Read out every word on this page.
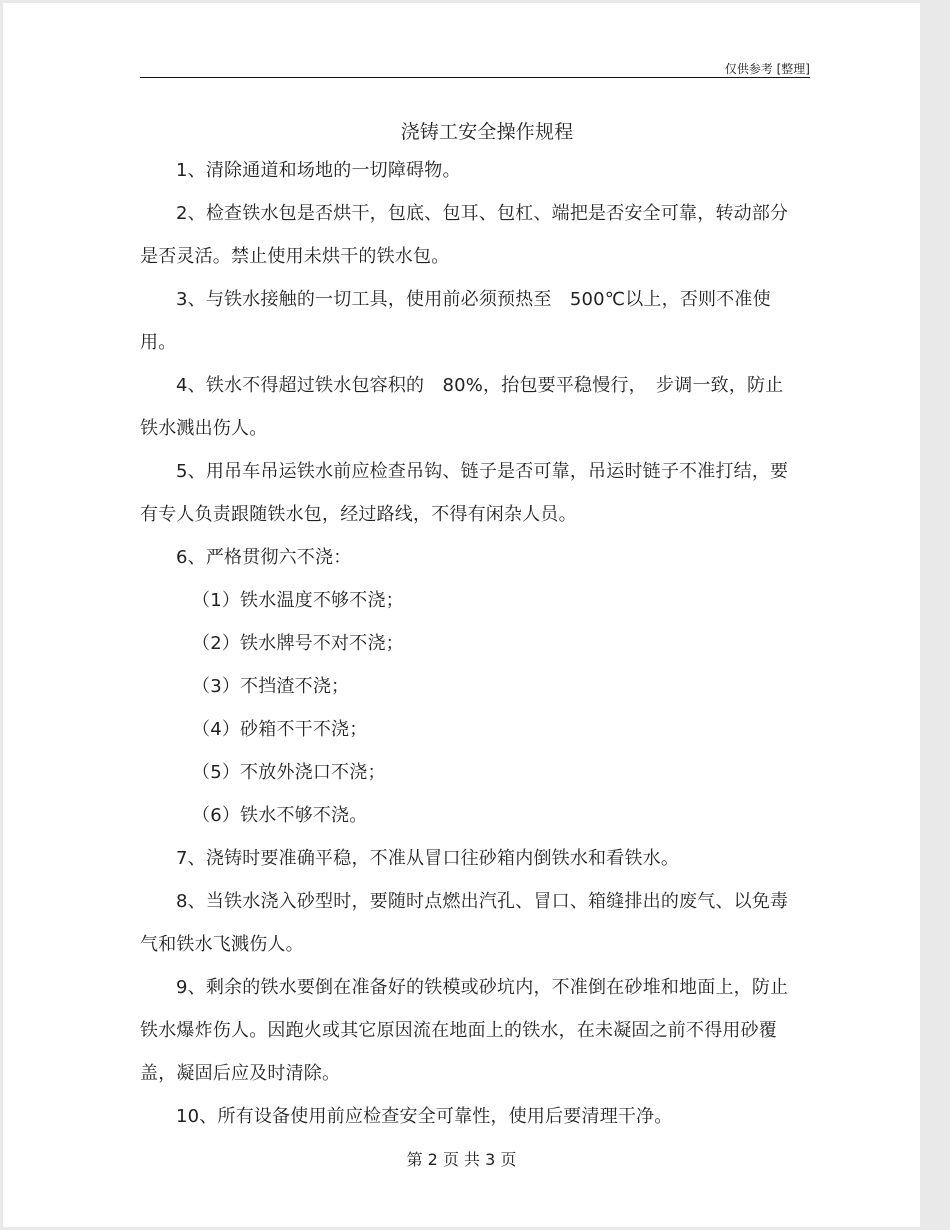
仅供参考 [整理]
浇铸工安全操作规程

1、清除通道和场地的一切障碍物。

2、检查铁水包是否烘干，包底、包耳、包杠、端把是否安全可靠，转动部分是否灵活。禁止使用未烘干的铁水包。

3、与铁水接触的一切工具，使用前必须预热至　500℃以上，否则不准使用。

4、铁水不得超过铁水包容积的　80%，抬包要平稳慢行，　步调一致，防止铁水溅出伤人。

5、用吊车吊运铁水前应检查吊钩、链子是否可靠，吊运时链子不准打结，要有专人负责跟随铁水包，经过路线，不得有闲杂人员。

6、严格贯彻六不浇：

（1）铁水温度不够不浇；

（2）铁水牌号不对不浇；

（3）不挡渣不浇；

（4）砂箱不干不浇；

（5）不放外浇口不浇；

（6）铁水不够不浇。

7、浇铸时要准确平稳，不准从冒口往砂箱内倒铁水和看铁水。

8、当铁水浇入砂型时，要随时点燃出汽孔、冒口、箱缝排出的废气、以免毒气和铁水飞溅伤人。

9、剩余的铁水要倒在准备好的铁模或砂坑内，不准倒在砂堆和地面上，防止铁水爆炸伤人。因跑火或其它原因流在地面上的铁水，在未凝固之前不得用砂覆盖，凝固后应及时清除。

10、所有设备使用前应检查安全可靠性，使用后要清理干净。

第 2 页 共 3 页
